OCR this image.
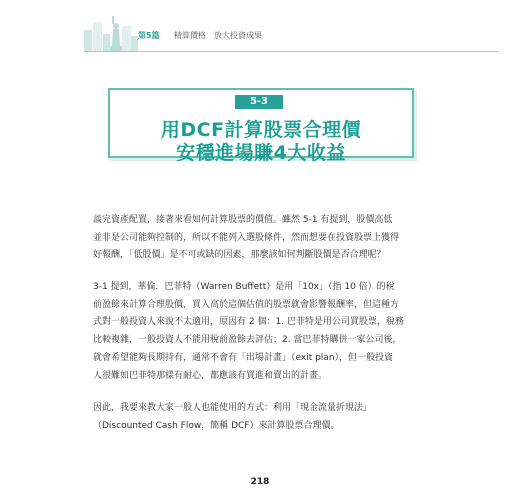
第5篇 精算價格　放大投資成果
5-3
用DCF計算股票合理價
安穩進場賺4大收益
談完資產配置，接著來看如何計算股票的價值。雖然 5-1 有提到，股價高低
並非是公司能夠控制的，所以不能列入選股條件，然而想要在投資股票上獲得
好報酬，「低股價」是不可或缺的因素，那麼該如何判斷股價是否合理呢？
3-1 提到，華倫．巴菲特（Warren Buffett）是用「10x」（指 10 倍）的稅
前盈餘來計算合理股價，買入高於這個估值的股票就會影響報酬率，但這種方
式對一般投資人來說不太適用，原因有 2 個：1. 巴菲特是用公司買股票，稅務
比較複雜，一般投資人不能用稅前盈餘去評估；2. 當巴菲特購併一家公司後，
就會希望能夠長期持有，通常不會有「出場計畫」（exit plan），但一般投資
人很難如巴菲特那樣有耐心，都應該有買進和賣出的計畫。
因此，我要來教大家一般人也能使用的方式：利用「現金流量折現法」
（Discounted Cash Flow，簡稱 DCF）來計算股票合理價。
218
